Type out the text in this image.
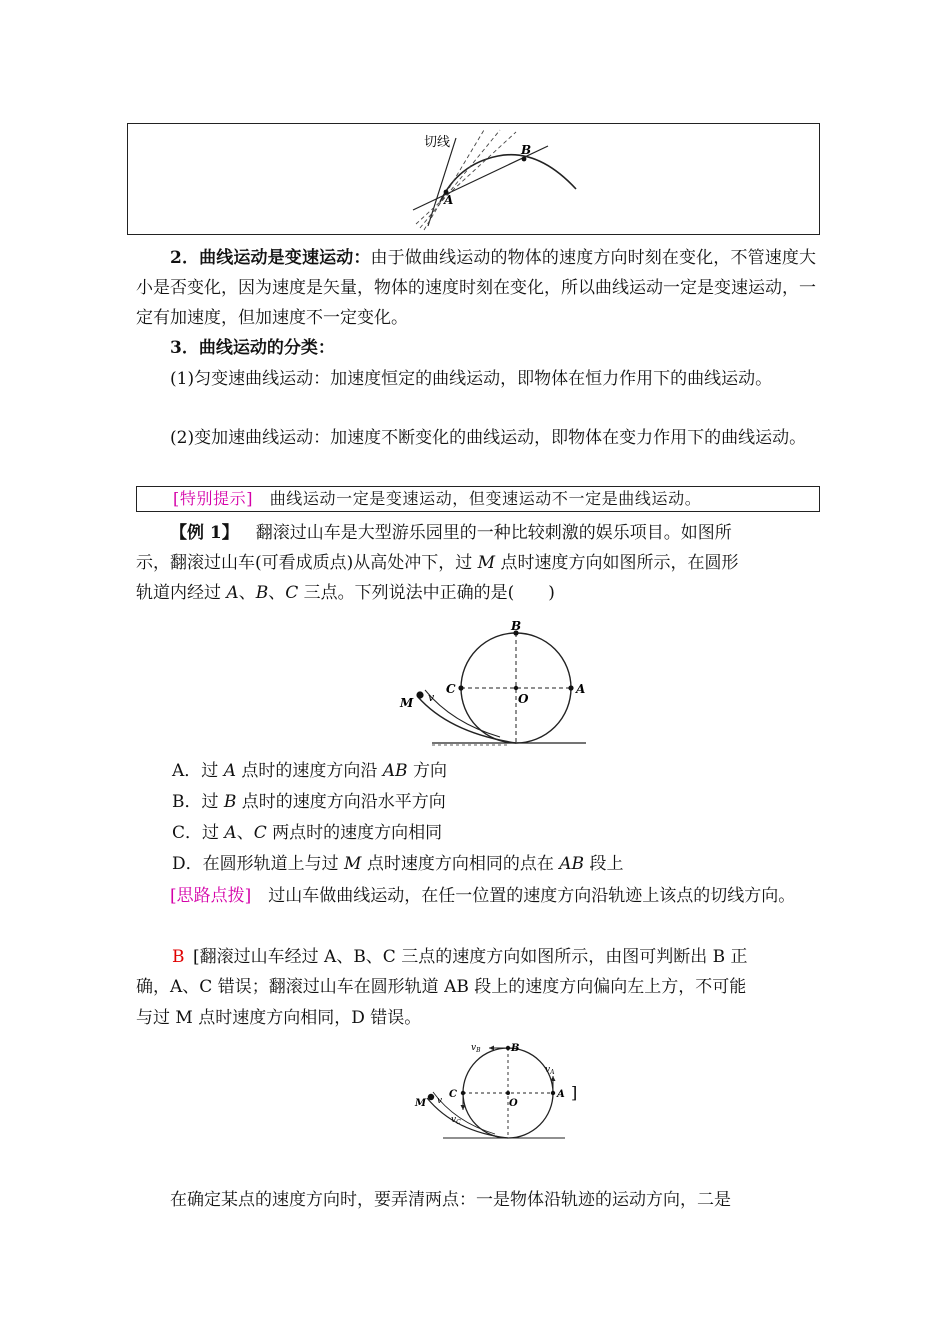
切线
A
B
2．曲线运动是变速运动：由于做曲线运动的物体的速度方向时刻在变化，不管速度大小是否变化，因为速度是矢量，物体的速度时刻在变化，所以曲线运动一定是变速运动，一定有加速度，但加速度不一定变化。
3．曲线运动的分类：
(1)匀变速曲线运动：加速度恒定的曲线运动，即物体在恒力作用下的曲线运动。
(2)变加速曲线运动：加速度不断变化的曲线运动，即物体在变力作用下的曲线运动。
[特别提示]  曲线运动一定是变速运动，但变速运动不一定是曲线运动。
【例 1】  翻滚过山车是大型游乐园里的一种比较刺激的娱乐项目。如图所
示，翻滚过山车(可看成质点)从高处冲下，过 M 点时速度方向如图所示，在圆形
轨道内经过 A、B、C 三点。下列说法中正确的是(　　)
B
C	A
O
M v
A．过 A 点时的速度方向沿 AB 方向
B．过 B 点时的速度方向沿水平方向
C．过 A、C 两点时的速度方向相同
D．在圆形轨道上与过 M 点时速度方向相同的点在 AB 段上
[思路点拨]  过山车做曲线运动，在任一位置的速度方向沿轨迹上该点的切线方向。
B  [翻滚过山车经过 A、B、C 三点的速度方向如图所示，由图可判断出 B 正
确，A、C 错误；翻滚过山车在圆形轨道 AB 段上的速度方向偏向左上方，不可能
与过 M 点时速度方向相同，D 错误。
B
$v_B$
C	A
$v_A$
$v_C$
O
M v	]
在确定某点的速度方向时，要弄清两点：一是物体沿轨迹的运动方向，二是
